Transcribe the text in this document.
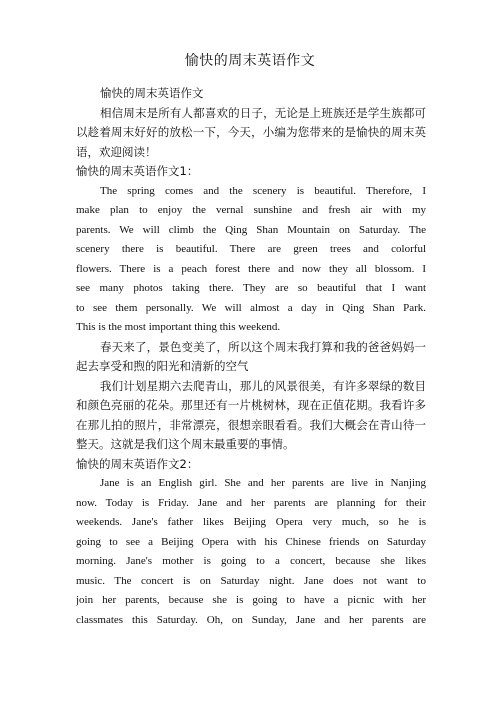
愉快的周末英语作文
愉快的周末英语作文
相信周末是所有人都喜欢的日子，无论是上班族还是学生族都可
以趁着周末好好的放松一下，今天，小编为您带来的是愉快的周末英
语，欢迎阅读！
愉快的周末英语作文1：
The spring comes and the scenery is beautiful. Therefore, I
make plan to enjoy the vernal sunshine and fresh air with my
parents. We will climb the Qing Shan Mountain on Saturday. The
scenery there is beautiful. There are green trees and colorful
flowers. There is a peach forest there and now they all blossom. I
see many photos taking there. They are so beautiful that I want
to see them personally. We will almost a day in Qing Shan Park.
This is the most important thing this weekend.
春天来了，景色变美了，所以这个周末我打算和我的爸爸妈妈一
起去享受和煦的阳光和清新的空气
我们计划星期六去爬青山，那儿的风景很美，有许多翠绿的数目
和颜色亮丽的花朵。那里还有一片桃树林，现在正值花期。我看许多
在那儿拍的照片，非常漂亮，很想亲眼看看。我们大概会在青山待一
整天。这就是我们这个周末最重要的事情。
愉快的周末英语作文2：
Jane is an English girl. She and her parents are live in Nanjing
now. Today is Friday. Jane and her parents are planning for their
weekends. Jane's father likes Beijing Opera very much, so he is
going to see a Beijing Opera with his Chinese friends on Saturday
morning. Jane's mother is going to a concert, because she likes
music. The concert is on Saturday night. Jane does not want to
join her parents, because she is going to have a picnic with her
classmates this Saturday. Oh, on Sunday, Jane and her parents are
